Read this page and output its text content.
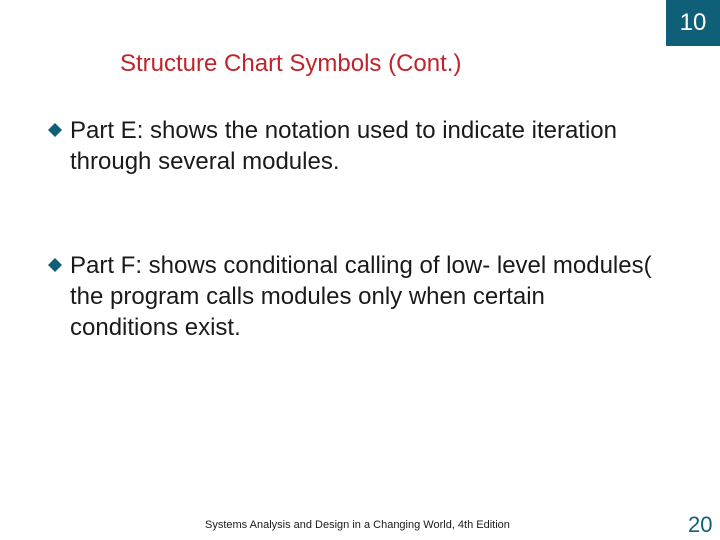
10
Structure Chart Symbols (Cont.)
Part E: shows the notation used to indicate iteration through several modules.
Part F: shows conditional calling of low- level modules( the program calls modules only when certain conditions exist.
Systems Analysis and Design in a Changing World, 4th Edition	20
